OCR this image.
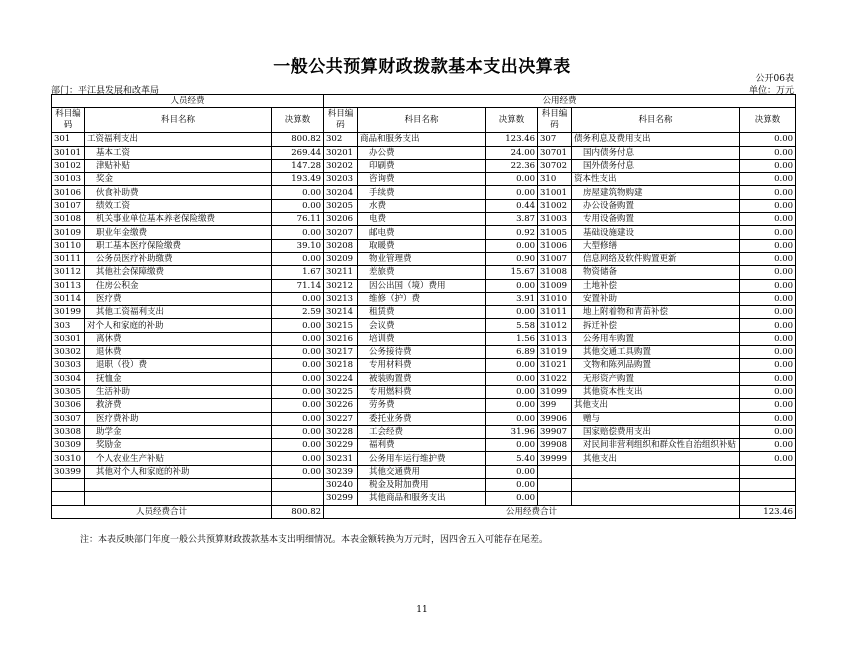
一般公共预算财政拨款基本支出决算表
公开06表
部门：平江县发展和改革局	单位：万元
人员经费			公用经费					
科目编码	科目名称	决算数	科目编码	科目名称	决算数	科目编码	科目名称	决算数
301	工资福利支出	800.82	302	商品和服务支出	123.46	307	债务利息及费用支出	0.00
30101	基本工资	269.44	30201	办公费	24.00	30701	国内债务付息	0.00
30102	津贴补贴	147.28	30202	印刷费	22.36	30702	国外债务付息	0.00
30103	奖金	193.49	30203	咨询费	0.00	310	资本性支出	0.00
30106	伙食补助费	0.00	30204	手续费	0.00	31001	房屋建筑物购建	0.00
30107	绩效工资	0.00	30205	水费	0.44	31002	办公设备购置	0.00
30108	机关事业单位基本养老保险缴费	76.11	30206	电费	3.87	31003	专用设备购置	0.00
30109	职业年金缴费	0.00	30207	邮电费	0.92	31005	基础设施建设	0.00
30110	职工基本医疗保险缴费	39.10	30208	取暖费	0.00	31006	大型修缮	0.00
30111	公务员医疗补助缴费	0.00	30209	物业管理费	0.90	31007	信息网络及软件购置更新	0.00
30112	其他社会保障缴费	1.67	30211	差旅费	15.67	31008	物资储备	0.00
30113	住房公积金	71.14	30212	因公出国（境）费用	0.00	31009	土地补偿	0.00
30114	医疗费	0.00	30213	维修（护）费	3.91	31010	安置补助	0.00
30199	其他工资福利支出	2.59	30214	租赁费	0.00	31011	地上附着物和青苗补偿	0.00
303	对个人和家庭的补助	0.00	30215	会议费	5.58	31012	拆迁补偿	0.00
30301	离休费	0.00	30216	培训费	1.56	31013	公务用车购置	0.00
30302	退休费	0.00	30217	公务接待费	6.89	31019	其他交通工具购置	0.00
30303	退职（役）费	0.00	30218	专用材料费	0.00	31021	文物和陈列品购置	0.00
30304	抚恤金	0.00	30224	被装购置费	0.00	31022	无形资产购置	0.00
30305	生活补助	0.00	30225	专用燃料费	0.00	31099	其他资本性支出	0.00
30306	救济费	0.00	30226	劳务费	0.00	399	其他支出	0.00
30307	医疗费补助	0.00	30227	委托业务费	0.00	39906	赠与	0.00
30308	助学金	0.00	30228	工会经费	31.96	39907	国家赔偿费用支出	0.00
30309	奖励金	0.00	30229	福利费	0.00	39908	对民间非营利组织和群众性自治组织补贴	0.00
30310	个人农业生产补贴	0.00	30231	公务用车运行维护费	5.40	39999	其他支出	0.00
30399	其他对个人和家庭的补助	0.00	30239	其他交通费用	0.00			
			30240	税金及附加费用	0.00			
			30299	其他商品和服务支出	0.00			
人员经费合计		800.82	公用经费合计					123.46
注：本表反映部门年度一般公共预算财政拨款基本支出明细情况。本表金额转换为万元时，因四舍五入可能存在尾差。
11
